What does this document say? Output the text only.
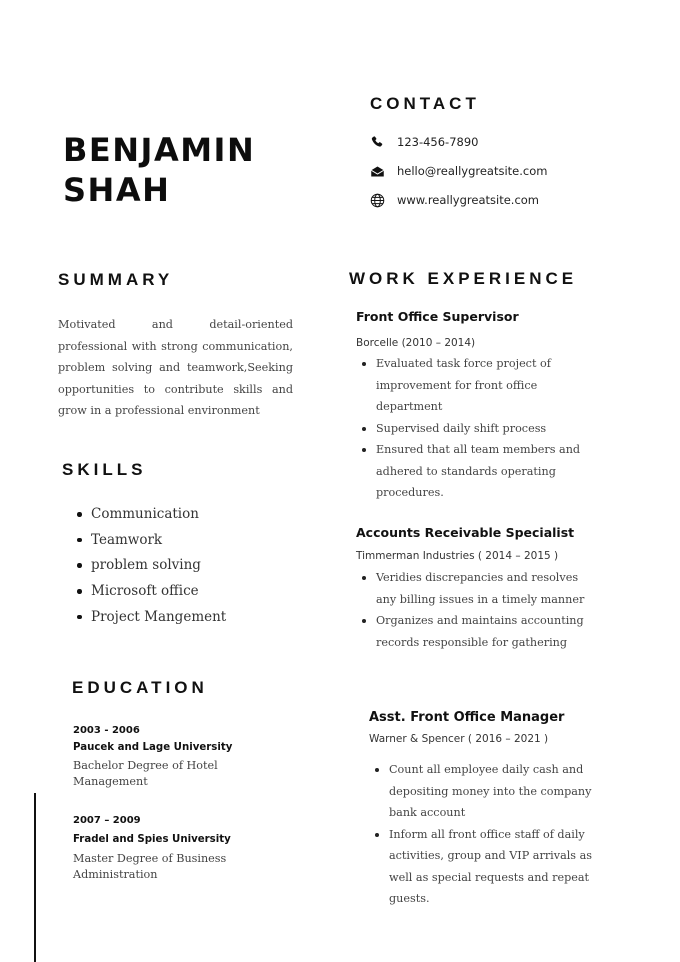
BENJAMIN
SHAH
CONTACT
123-456-7890
hello@reallygreatsite.com
www.reallygreatsite.com
SUMMARY

Motivated and detail-oriented professional with strong communication, problem solving and teamwork,Seeking opportunities to contribute skills and grow in a professional environment

SKILLS
Communication
Teamwork
problem solving
Microsoft office
Project Mangement
EDUCATION
2003 - 2006
Paucek and Lage University
Bachelor Degree of Hotel Management
2007 – 2009
Fradel and Spies University
Master Degree of Business Administration
WORK EXPERIENCE
Front Office Supervisor
Borcelle (2010 – 2014)
Evaluated task force project of improvement for front office department
Supervised daily shift process
Ensured that all team members and adhered to standards operating procedures.
Accounts Receivable Specialist
Timmerman Industries ( 2014 – 2015 )
Veridies discrepancies and resolves any billing issues in a timely manner
Organizes and maintains accounting records responsible for gathering
Asst. Front Office Manager
Warner & Spencer ( 2016 – 2021 )
Count all employee daily cash and depositing money into the company bank account
Inform all front office staff of daily activities, group and VIP arrivals as well as special requests and repeat guests.
